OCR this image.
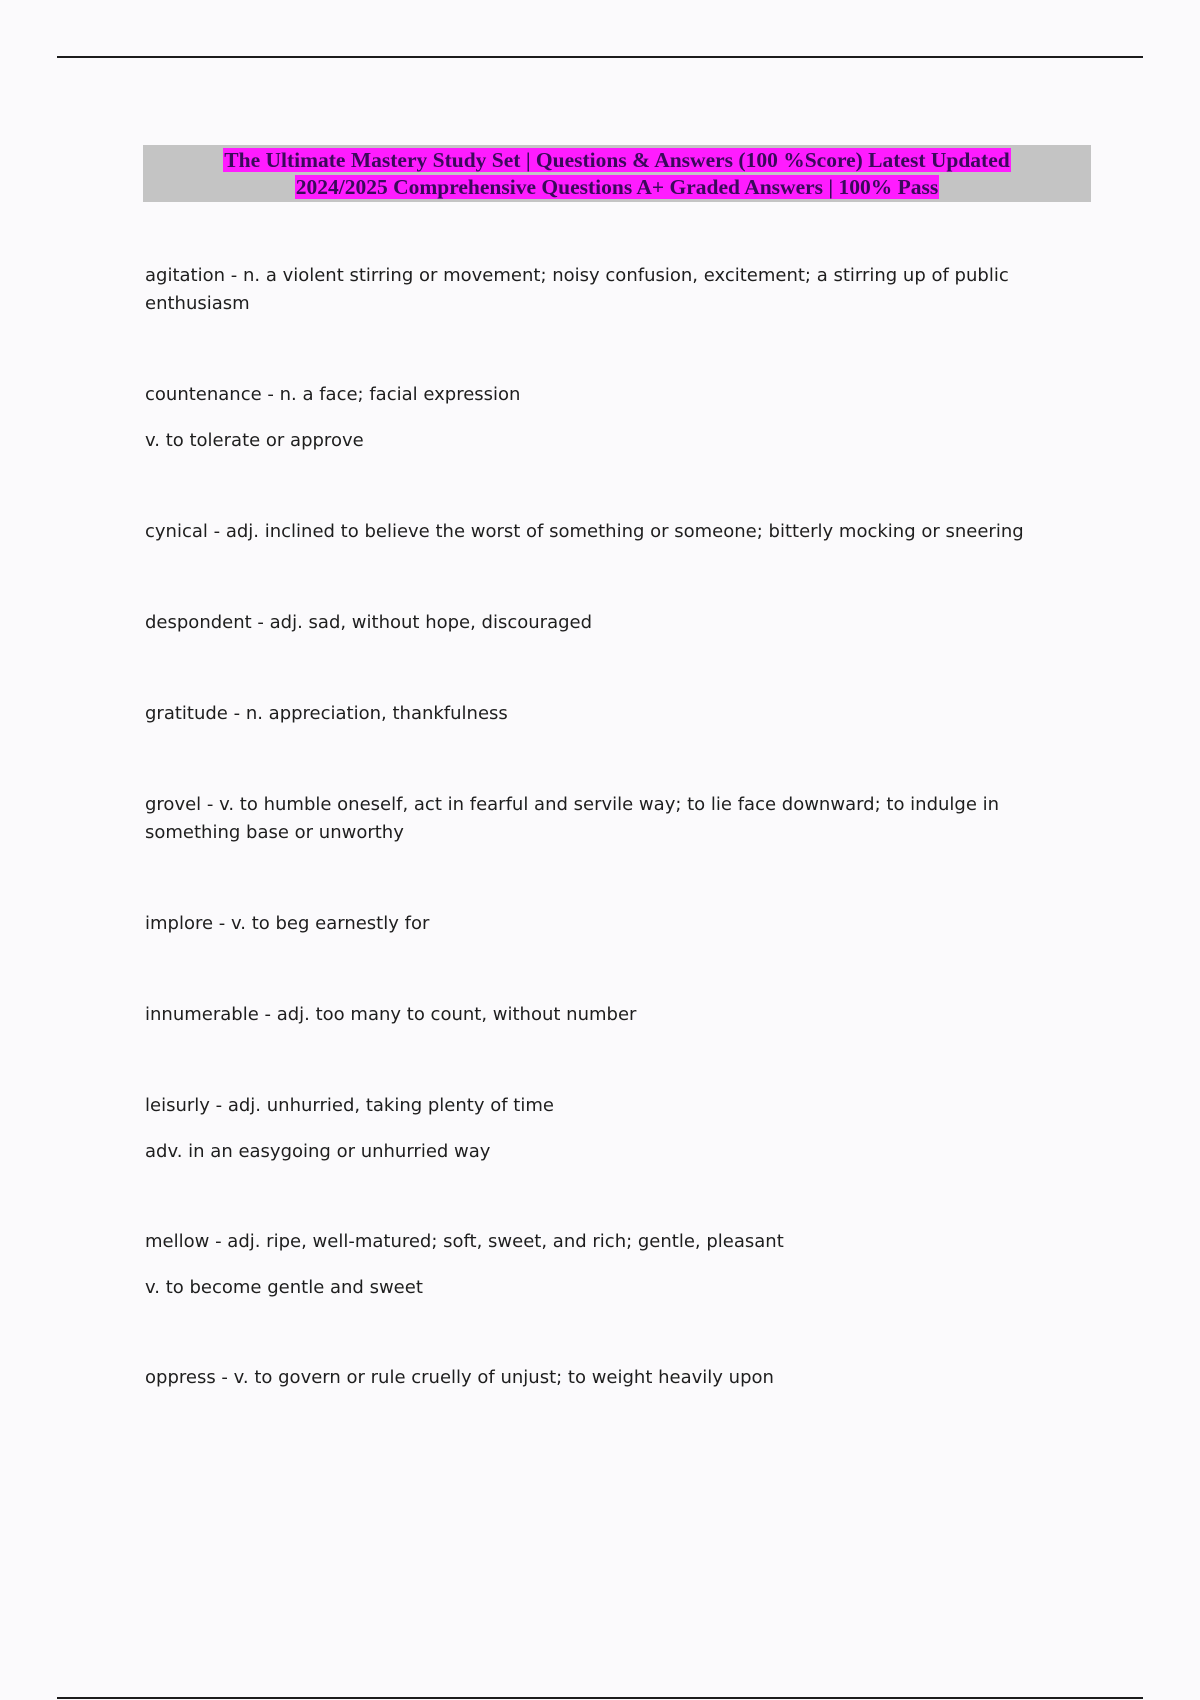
The Ultimate Mastery Study Set | Questions & Answers (100 %Score) Latest Updated
2024/2025 Comprehensive Questions A+ Graded Answers | 100% Pass

agitation - n. a violent stirring or movement; noisy confusion, excitement; a stirring up of public enthusiasm

countenance - n. a face; facial expression

v. to tolerate or approve

cynical - adj. inclined to believe the worst of something or someone; bitterly mocking or sneering

despondent - adj. sad, without hope, discouraged

gratitude - n. appreciation, thankfulness

grovel - v. to humble oneself, act in fearful and servile way; to lie face downward; to indulge in something base or unworthy

implore - v. to beg earnestly for

innumerable - adj. too many to count, without number

leisurly - adj. unhurried, taking plenty of time

adv. in an easygoing or unhurried way

mellow - adj. ripe, well-matured; soft, sweet, and rich; gentle, pleasant

v. to become gentle and sweet

oppress - v. to govern or rule cruelly of unjust; to weight heavily upon
